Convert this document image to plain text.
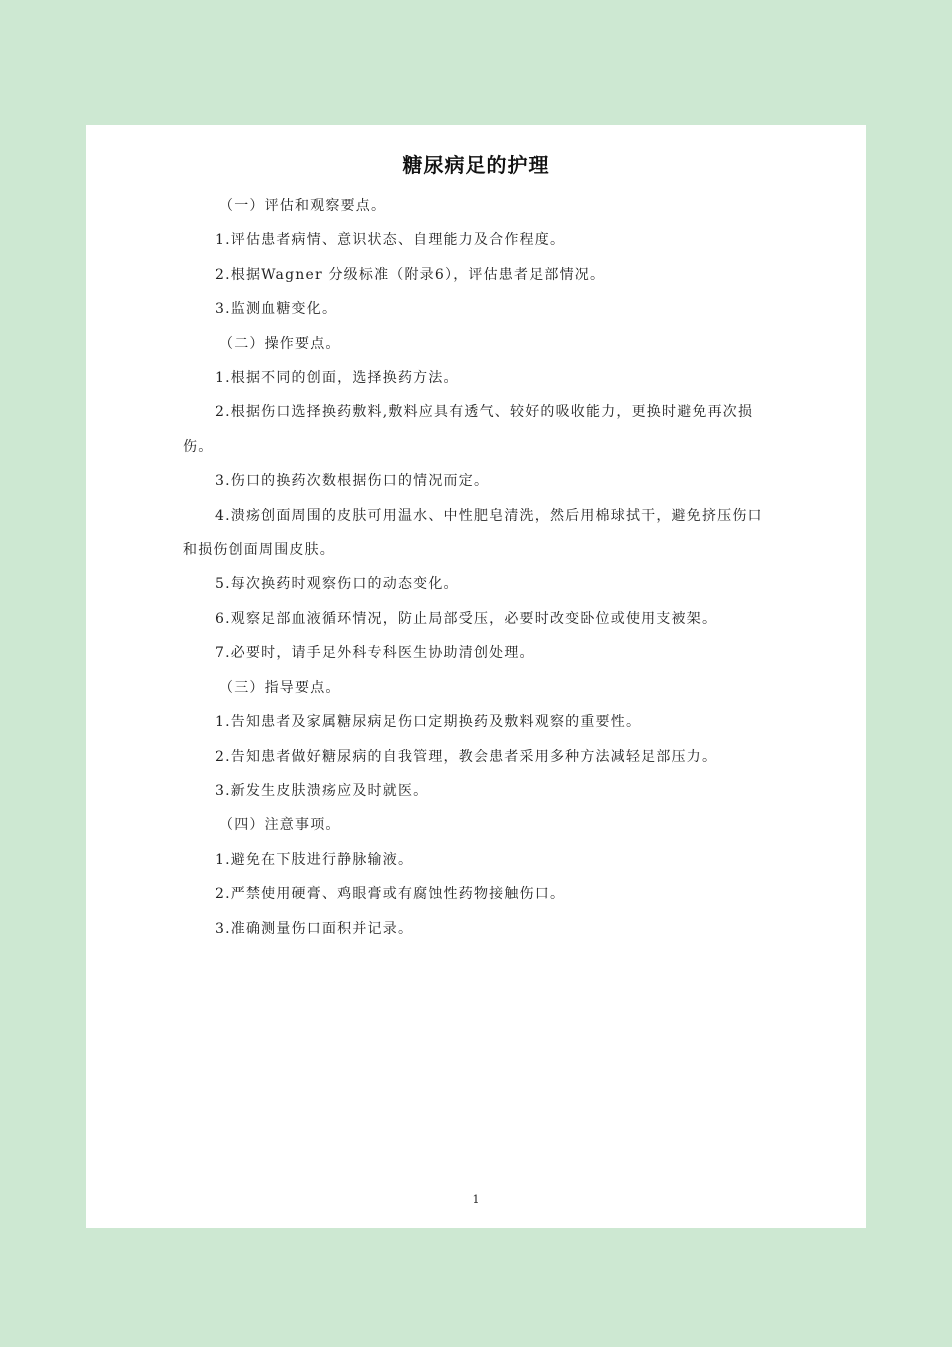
糖尿病足的护理

（一）评估和观察要点。

1.评估患者病情、意识状态、自理能力及合作程度。

2.根据Wagner 分级标准（附录6），评估患者足部情况。

3.监测血糖变化。

（二）操作要点。

1.根据不同的创面，选择换药方法。

2.根据伤口选择换药敷料,敷料应具有透气、较好的吸收能力，更换时避免再次损伤。

3.伤口的换药次数根据伤口的情况而定。

4.溃疡创面周围的皮肤可用温水、中性肥皂清洗，然后用棉球拭干，避免挤压伤口和损伤创面周围皮肤。

5.每次换药时观察伤口的动态变化。

6.观察足部血液循环情况，防止局部受压，必要时改变卧位或使用支被架。

7.必要时，请手足外科专科医生协助清创处理。

（三）指导要点。

1.告知患者及家属糖尿病足伤口定期换药及敷料观察的重要性。

2.告知患者做好糖尿病的自我管理，教会患者采用多种方法减轻足部压力。

3.新发生皮肤溃疡应及时就医。

（四）注意事项。

1.避免在下肢进行静脉输液。

2.严禁使用硬膏、鸡眼膏或有腐蚀性药物接触伤口。

3.准确测量伤口面积并记录。

1
